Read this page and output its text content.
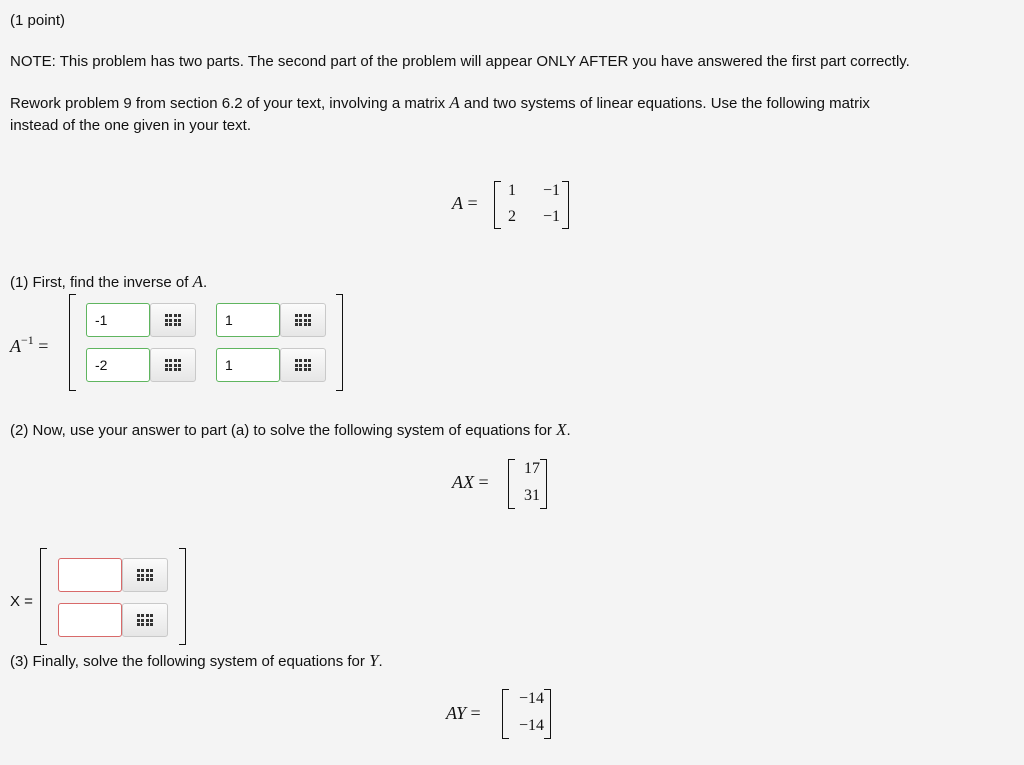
(1 point)
NOTE: This problem has two parts. The second part of the problem will appear ONLY AFTER you have answered the first part correctly.
Rework problem 9 from section 6.2 of your text, involving a matrix A and two systems of linear equations. Use the following matrix
instead of the one given in your text.
A =
1	−1
2	−1
(1) First, find the inverse of A.
$A^{-1}$ =
-1	1
-2	1
(2) Now, use your answer to part (a) to solve the following system of equations for X.
AX =
17
31
X =
(3) Finally, solve the following system of equations for Y.
AY =
−14
−14
